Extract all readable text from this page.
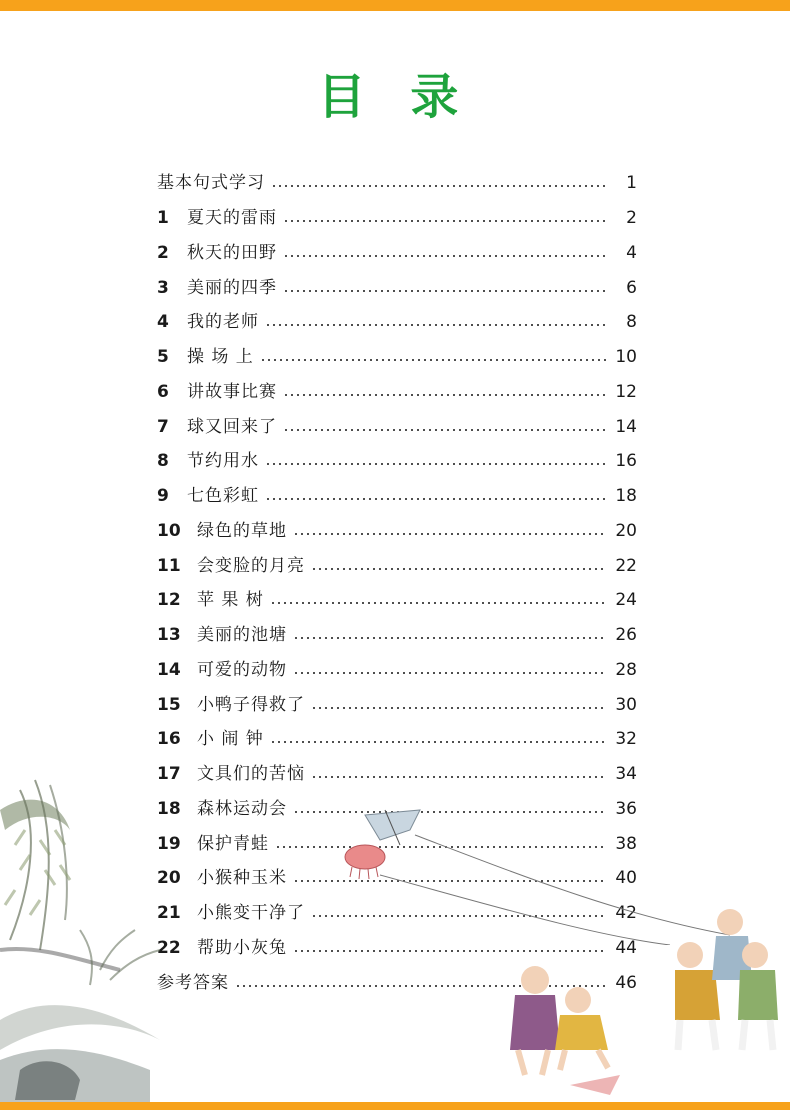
目 录
基本句式学习	1
1	夏天的雷雨	2
2	秋天的田野	4
3	美丽的四季	6
4	我的老师	8
5	操 场 上	10
6	讲故事比赛	12
7	球又回来了	14
8	节约用水	16
9	七色彩虹	18
10 绿色的草地	20
11 会变脸的月亮	22
12 苹 果 树	24
13 美丽的池塘	26
14 可爱的动物	28
15 小鸭子得救了	30
16 小 闹 钟	32
17 文具们的苦恼	34
18 森林运动会	36
19 保护青蛙	38
20 小猴种玉米	40
21 小熊变干净了	42
22 帮助小灰兔	44
参考答案	46
